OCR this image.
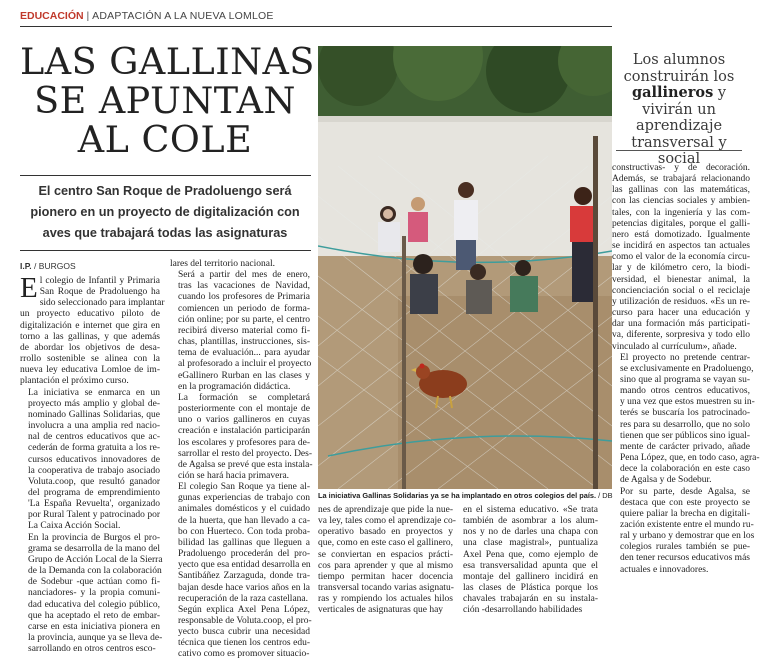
EDUCACIÓN | ADAPTACIÓN A LA NUEVA LOMLOE
LAS GALLINAS
SE APUNTAN
AL COLE
El centro San Roque de Pradoluengo será pionero en un proyecto de digitalización con aves que trabajará todas las asignaturas
La iniciativa Gallinas Solidarias ya se ha implantado en otros colegios del país. / DB
Los alumnos construirán los gallineros y vivirán un aprendizaje transversal y social
I.P. / BURGOS

E l colegio de Infantil y Primaria
San Roque de Pradoluengo ha
sido seleccionado para implantar
un proyecto educativo piloto de
digitalización e internet que gira en
torno a las gallinas, y que además
de abordar los objetivos de desa-
rrollo sostenible se alinea con la
nueva ley educativa Lomloe de im-
plantación el próximo curso.

La iniciativa se enmarca en un
proyecto más amplio y global de-
nominado Gallinas Solidarias, que
involucra a una amplia red nacio-
nal de centros educativos que ac-
cederán de forma gratuita a los re-
cursos educativos innovadores de
la cooperativa de trabajo asociado
Voluta.coop, que resultó ganador
del programa de emprendimiento
'La España Revuelta', organizado
por Rural Talent y patrocinado por
La Caixa Acción Social.

En la provincia de Burgos el pro-
grama se desarrolla de la mano del
Grupo de Acción Local de la Sierra
de la Demanda con la colaboración
de Sodebur -que actúan como fi-
nanciadores- y la propia comuni-
dad educativa del colegio público,
que ha aceptado el reto de embar-
carse en esta iniciativa pionera en
la provincia, aunque ya se lleva de-
sarrollando en otros centros esco-

lares del territorio nacional.

Será a partir del mes de enero,
tras las vacaciones de Navidad,
cuando los profesores de Primaria
comiencen un periodo de forma-
ción online; por su parte, el centro
recibirá diverso material como fi-
chas, plantillas, instrucciones, sis-
tema de evaluación... para ayudar
al profesorado a incluir el proyecto
eGallinero Rurban en las clases y
en la programación didáctica.

La formación se completará
posteriormente con el montaje de
uno o varios gallineros en cuyas
creación e instalación participarán
los escolares y profesores para de-
sarrollar el resto del proyecto. Des-
de Agalsa se prevé que esta instala-
ción se hará hacia primavera.

El colegio San Roque ya tiene al-
gunas experiencias de trabajo con
animales domésticos y el cuidado
de la huerta, que han llevado a ca-
bo con Huerteco. Con toda proba-
bilidad las gallinas que lleguen a
Pradoluengo procederán del pro-
yecto que esa entidad desarrolla en
Santibáñez Zarzaguda, donde tra-
bajan desde hace varios años en la
recuperación de la raza castellana.

Según explica Axel Pena López,
responsable de Voluta.coop, el pro-
yecto busca cubrir una necesidad
técnica que tienen los centros edu-
cativo como es promover situacio-

nes de aprendizaje que pide la nue-
va ley, tales como el aprendizaje co-
operativo basado en proyectos y
que, como en este caso el gallinero,
se conviertan en espacios prácti-
cos para aprender y que al mismo
tiempo permitan hacer docencia
transversal tocando varias asignatu-
ras y rompiendo los actuales hilos
verticales de asignaturas que hay

en el sistema educativo. «Se trata
también de asombrar a los alum-
nos y no de darles una chapa con
una clase magistral», puntualiza
Axel Pena que, como ejemplo de
esa transversalidad apunta que el
montaje del gallinero incidirá en
las clases de Plástica porque los
chavales trabajarán en su instala-
ción -desarrollando habilidades

constructivas- y de decoración.
Además, se trabajará relacionando
las gallinas con las matemáticas,
con las ciencias sociales y ambien-
tales, con la ingeniería y las com-
petencias digitales, porque el galli-
nero está domotizado. Igualmente
se incidirá en aspectos tan actuales
como el valor de la economía circu-
lar y de kilómetro cero, la biodi-
versidad, el bienestar animal, la
concienciación social o el reciclaje
y utilización de residuos. «Es un re-
curso para hacer una educación y
dar una formación más participati-
va, diferente, sorpresiva y todo ello
vinculado al currículum», añade.

El proyecto no pretende centrar-
se exclusivamente en Pradoluengo,
sino que al programa se vayan su-
mando otros centros educativos,
y una vez que estos muestren su in-
terés se buscaría los patrocinado-
res para su desarrollo, que no solo
tienen que ser públicos sino igual-
mente de carácter privado, añade
Pena López, que, en todo caso, agra-
dece la colaboración en este caso
de Agalsa y de Sodebur.

Por su parte, desde Agalsa, se
destaca que con este proyecto se
quiere paliar la brecha en digitali-
zación existente entre el mundo ru-
ral y urbano y demostrar que en los
colegios rurales también se pue-
den tener recursos educativos más
actuales e innovadores.
